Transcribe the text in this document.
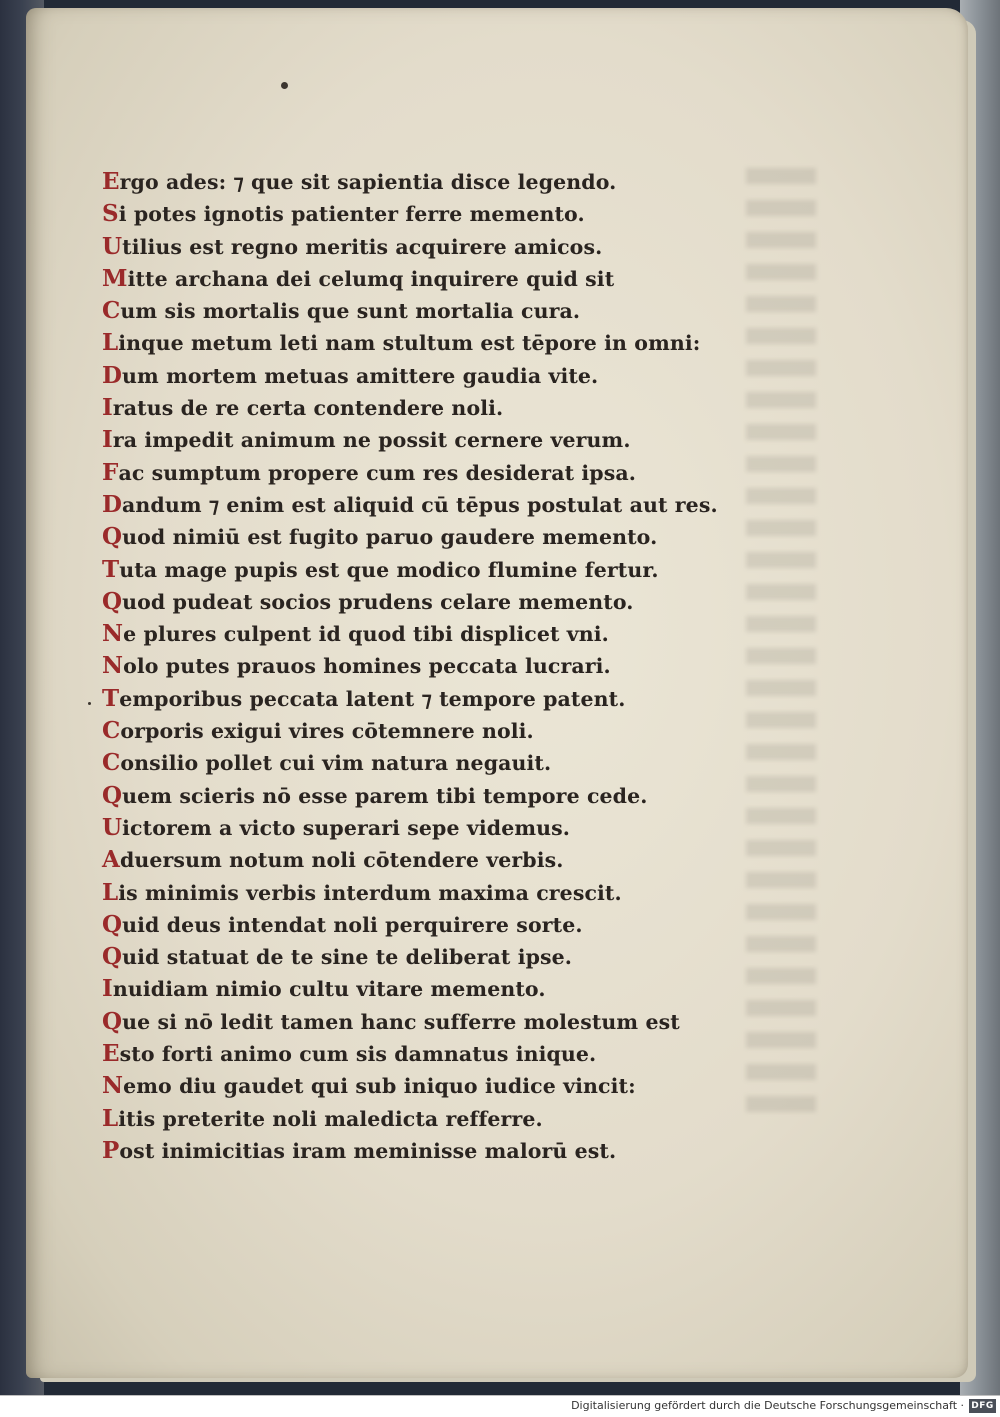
Ergo ades: ⁊ que sit sapientia disce legendo.
Si potes ignotis patienter ferre memento.
Utilius est regno meritis acquirere amicos.
Mitte archana dei celumq inquirere quid sit
Cum sis mortalis que sunt mortalia cura.
Linque metum leti nam stultum est tēpore in omni:
Dum mortem metuas amittere gaudia vite.
Iratus de re certa contendere noli.
Ira impedit animum ne possit cernere verum.
Fac sumptum propere cum res desiderat ipsa.
Dandum ⁊ enim est aliquid cū tēpus postulat aut res.
Quod nimiū est fugito paruo gaudere memento.
Tuta mage pupis est que modico flumine fertur.
Quod pudeat socios prudens celare memento.
Ne plures culpent id quod tibi displicet vni.
Nolo putes prauos homines peccata lucrari.
Temporibus peccata latent ⁊ tempore patent.
Corporis exigui vires cōtemnere noli.
Consilio pollet cui vim natura negauit.
Quem scieris nō esse parem tibi tempore cede.
Uictorem a victo superari sepe videmus.
Aduersum notum noli cōtendere verbis.
Lis minimis verbis interdum maxima crescit.
Quid deus intendat noli perquirere sorte.
Quid statuat de te sine te deliberat ipse.
Inuidiam nimio cultu vitare memento.
Que si nō ledit tamen hanc sufferre molestum est
Esto forti animo cum sis damnatus inique.
Nemo diu gaudet qui sub iniquo iudice vincit:
Litis preterite noli maledicta refferre.
Post inimicitias iram meminisse malorū est.
Digitalisierung gefördert durch die Deutsche Forschungsgemeinschaft · DFG
